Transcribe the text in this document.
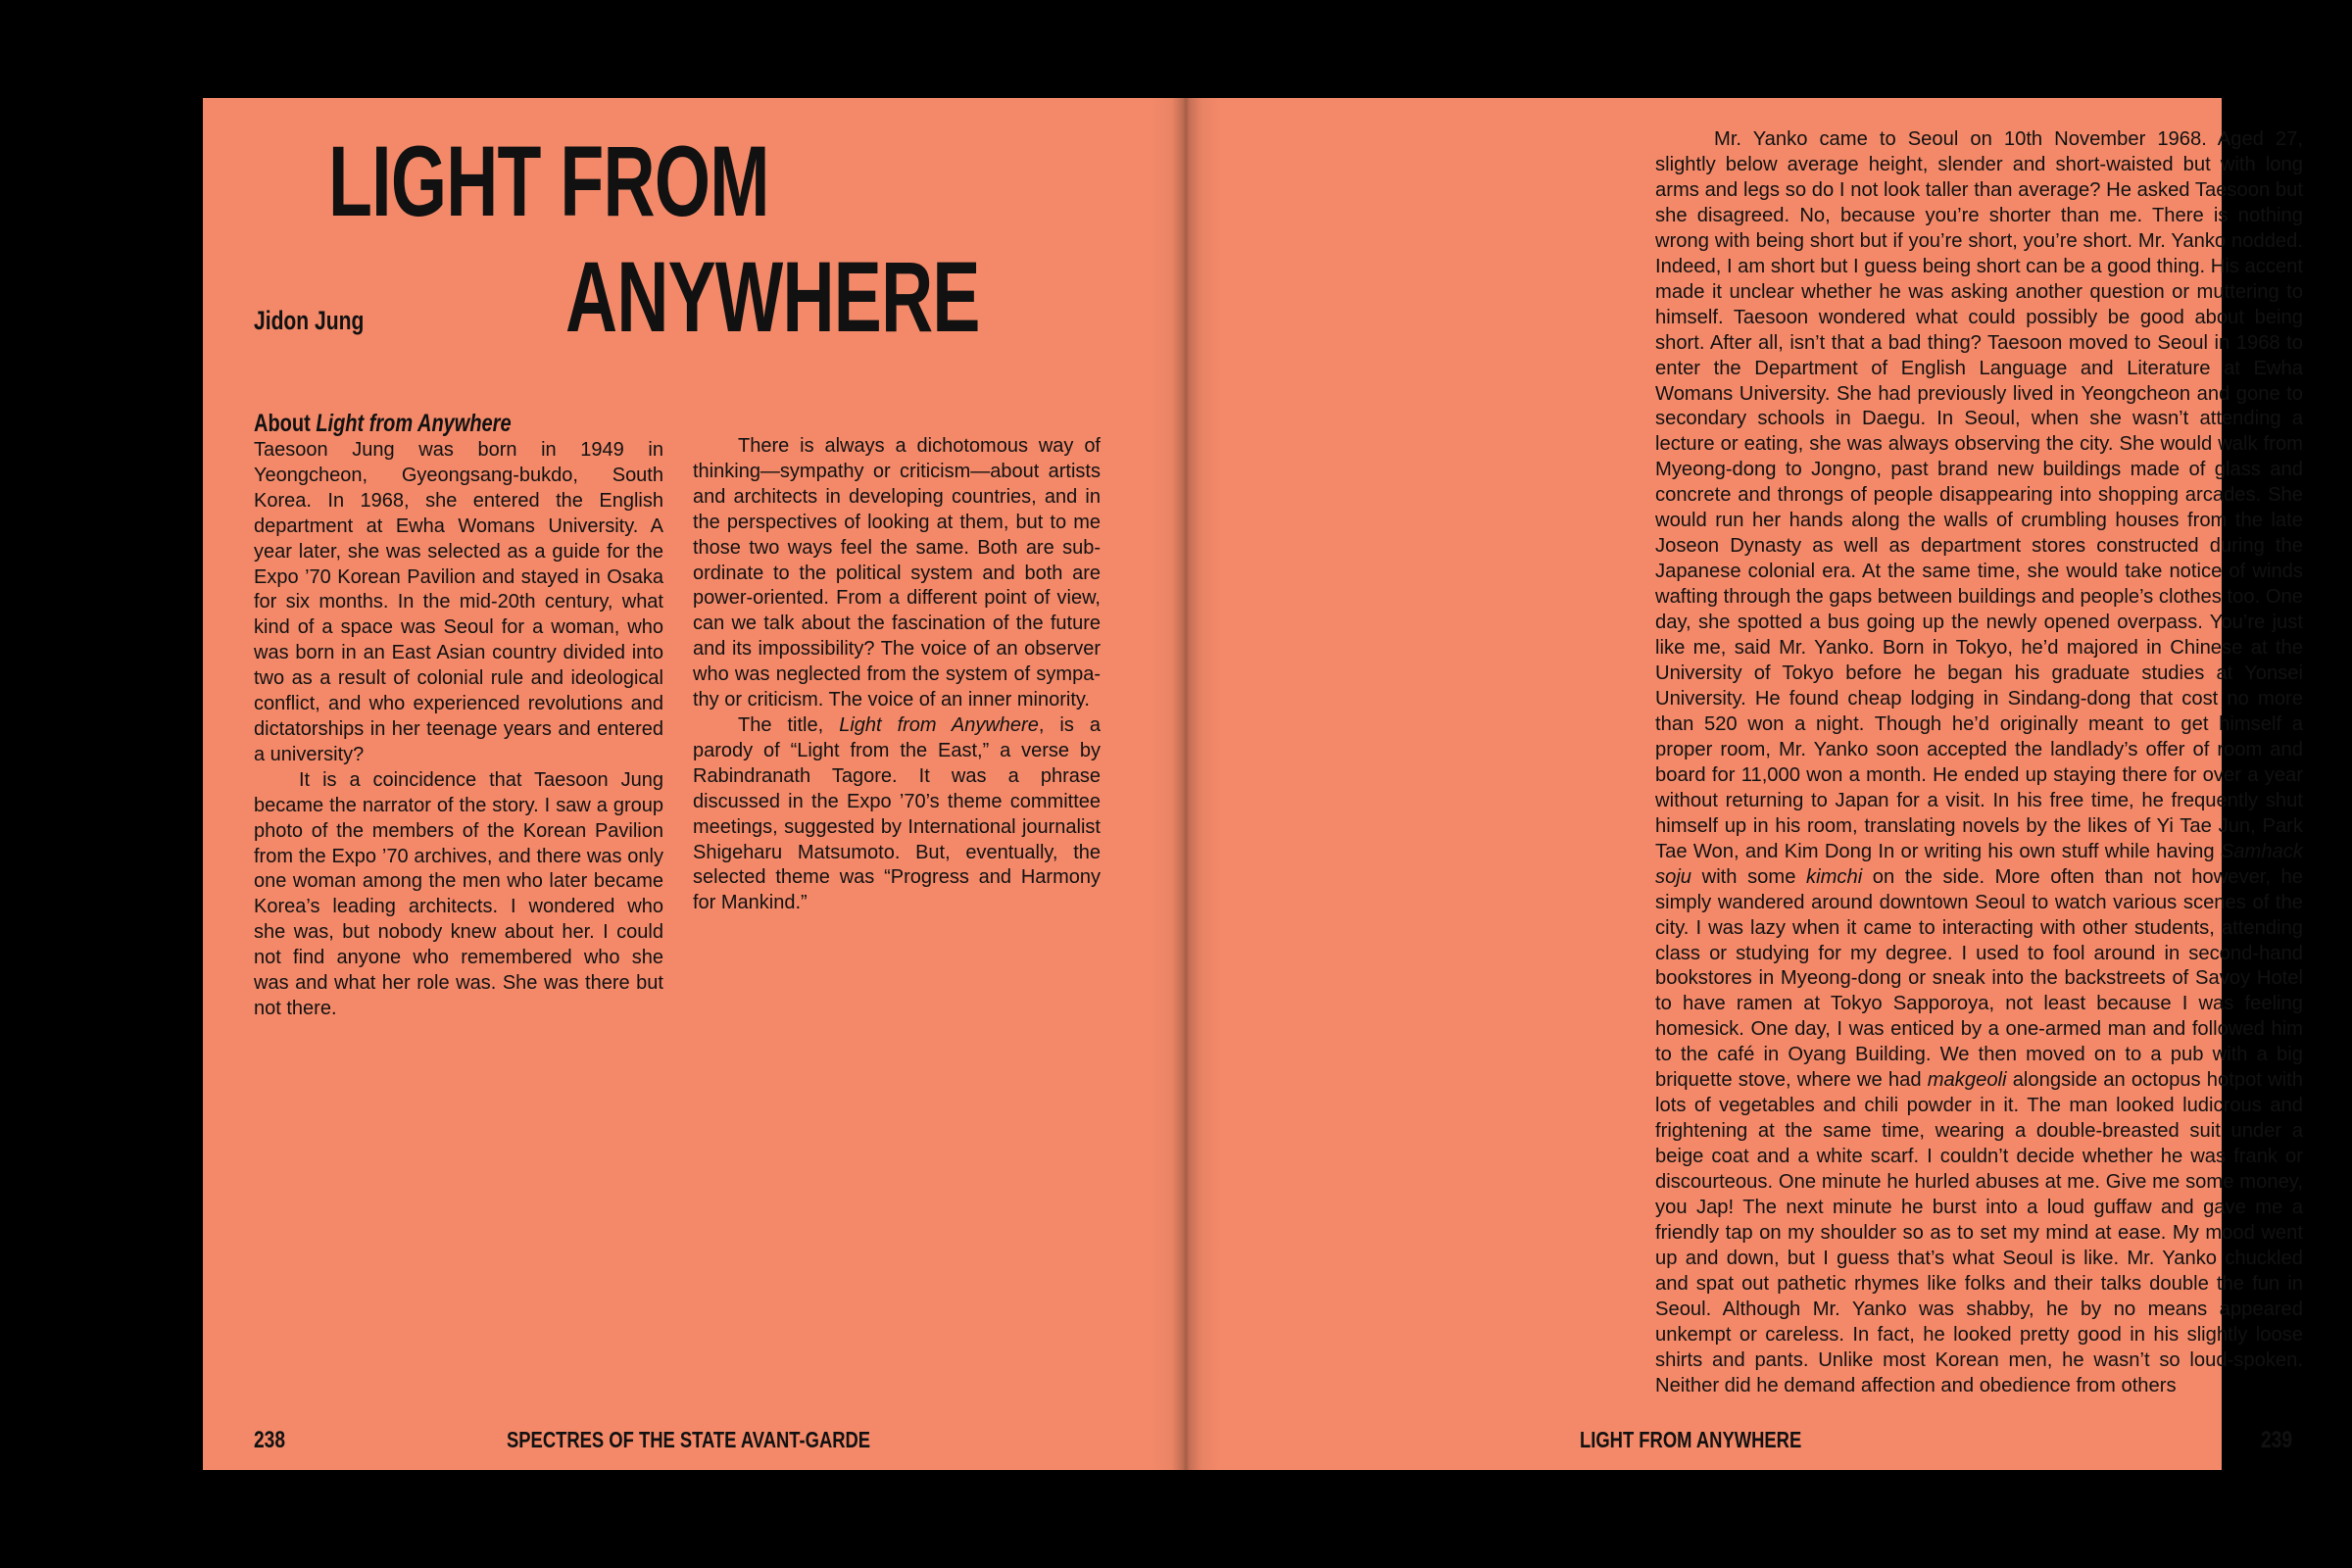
LIGHT FROM
ANYWHERE
Jidon Jung
About Light from Anywhere

Taesoon Jung was born in 1949 in Yeongcheon, Gyeongsang-bukdo, South Korea. In 1968, she entered the English department at Ewha Womans University. A year later, she was selected as a guide for the Expo ’70 Korean Pavilion and stayed in Osaka for six months. In the mid-20th century, what kind of a space was Seoul for a woman, who was born in an East Asian country divided into two as a result of colonial rule and ideological conflict, and who experienced revolutions and dictatorships in her teenage years and entered a university?

It is a coincidence that Taesoon Jung became the narrator of the story. I saw a group photo of the members of the Korean Pavilion from the Expo ’70 archives, and there was only one woman among the men who later became Korea’s leading architects. I wondered who she was, but nobody knew about her. I could not find anyone who remembered who she was and what her role was. She was there but not there.

There is always a dichotomous way of thinking—sympathy or criticism—about artists and architects in developing countries, and in the perspectives of looking at them, but to me those two ways feel the same. Both are subordinate to the political system and both are power-oriented. From a different point of view, can we talk about the fascination of the future and its impossibility? The voice of an observer who was neglected from the system of sympathy or criticism. The voice of an inner minority.

The title, Light from Anywhere, is a parody of “Light from the East,” a verse by Rabindranath Tagore. It was a phrase discussed in the Expo ’70’s theme committee meetings, suggested by International journalist Shigeharu Matsumoto. But, eventually, the selected theme was “Progress and Harmony for Mankind.”

238	SPECTRES OF THE STATE AVANT-GARDE

Mr. Yanko came to Seoul on 10th November 1968. Aged 27, slightly below average height, slender and short-waisted but with long arms and legs so do I not look taller than average? He asked Taesoon but she disagreed. No, because you’re shorter than me. There is nothing wrong with being short but if you’re short, you’re short. Mr. Yanko nodded. Indeed, I am short but I guess being short can be a good thing. His accent made it unclear whether he was asking another question or muttering to himself. Taesoon wondered what could possibly be good about being short. After all, isn’t that a bad thing? Taesoon moved to Seoul in 1968 to enter the Department of English Language and Literature at Ewha Womans University. She had previously lived in Yeongcheon and gone to secondary schools in Daegu. In Seoul, when she wasn’t attending a lecture or eating, she was always observing the city. She would walk from Myeong-dong to Jongno, past brand new buildings made of glass and concrete and throngs of people disappearing into shopping arcades. She would run her hands along the walls of crumbling houses from the late Joseon Dynasty as well as department stores constructed during the Japanese colonial era. At the same time, she would take notice of winds wafting through the gaps between buildings and people’s clothes too. One day, she spotted a bus going up the newly opened overpass. You’re just like me, said Mr. Yanko. Born in Tokyo, he’d majored in Chinese at the University of Tokyo before he began his graduate studies at Yonsei University. He found cheap lodging in Sindang-dong that cost no more than 520 won a night. Though he’d originally meant to get himself a proper room, Mr. Yanko soon accepted the landlady’s offer of room and board for 11,000 won a month. He ended up staying there for over a year without returning to Japan for a visit. In his free time, he frequently shut himself up in his room, translating novels by the likes of Yi Tae Jun, Park Tae Won, and Kim Dong In or writing his own stuff while having Samhack soju with some kimchi on the side. More often than not however, he simply wandered around downtown Seoul to watch various scenes of the city. I was lazy when it came to interacting with other students, attending class or studying for my degree. I used to fool around in second-hand bookstores in Myeong-dong or sneak into the backstreets of Savoy Hotel to have ramen at Tokyo Sapporoya, not least because I was feeling homesick. One day, I was enticed by a one-armed man and followed him to the café in Oyang Building. We then moved on to a pub with a big briquette stove, where we had makgeoli alongside an octopus hotpot with lots of vegetables and chili powder in it. The man looked ludicrous and frightening at the same time, wearing a double-breasted suit under a beige coat and a white scarf. I couldn’t decide whether he was frank or discourteous. One minute he hurled abuses at me. Give me some money, you Jap! The next minute he burst into a loud guffaw and gave me a friendly tap on my shoulder so as to set my mind at ease. My mood went up and down, but I guess that’s what Seoul is like. Mr. Yanko chuckled and spat out pathetic rhymes like folks and their talks double the fun in Seoul. Although Mr. Yanko was shabby, he by no means appeared unkempt or careless. In fact, he looked pretty good in his slightly loose shirts and pants. Unlike most Korean men, he wasn’t so loud-spoken. Neither did he demand affection and obedience from others

LIGHT FROM ANYWHERE	239
